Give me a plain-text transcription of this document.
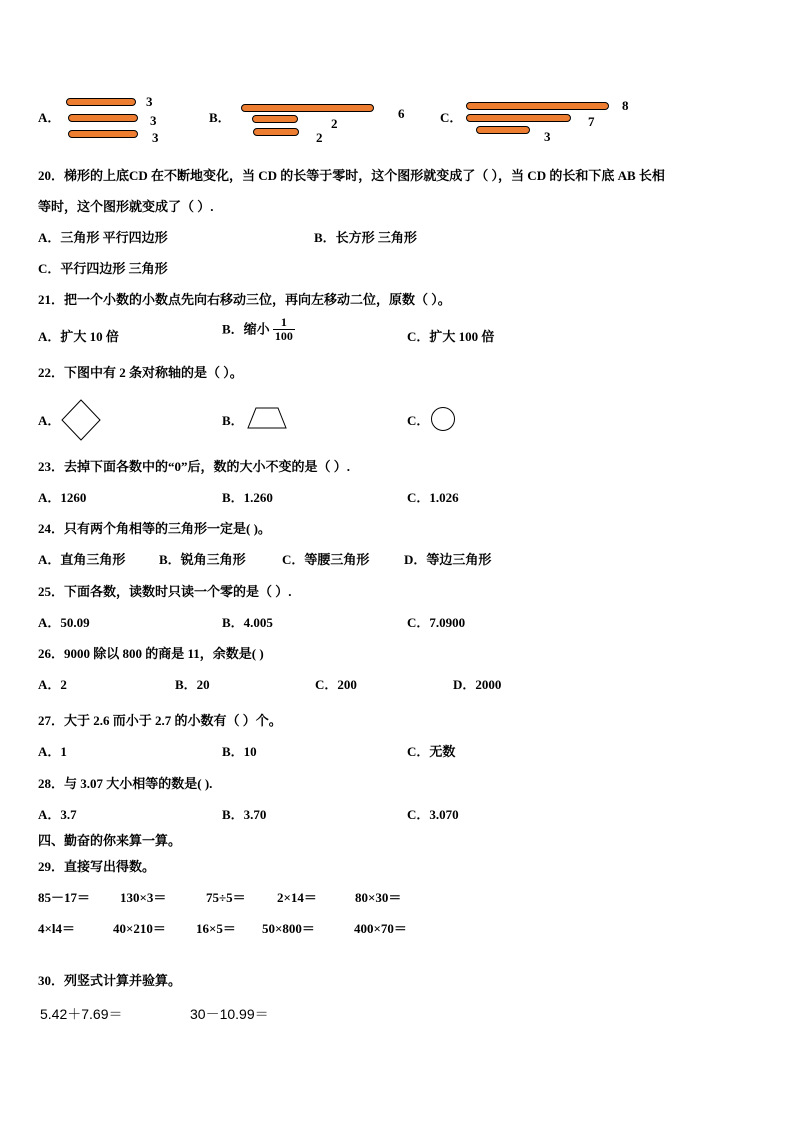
A．
3
3
3
B．	6
2
2
C．
8
7
3
20．梯形的上底CD 在不断地变化，当 CD 的长等于零时，这个图形就变成了（ ），当 CD 的长和下底 AB 长相
等时，这个图形就变成了（ ）.
A．三角形 平行四边形	B．长方形 三角形
C．平行四边形 三角形
21．把一个小数的小数点先向右移动三位，再向左移动二位，原数（ ）。
A．扩大 10 倍	B．缩小 $\frac{1}{100}$	C．扩大 100 倍
22．下图中有 2 条对称轴的是（ ）。
A．	B．	C．
23．去掉下面各数中的“0”后，数的大小不变的是（ ）.
A．1260	B．1.260	C．1.026
24．只有两个角相等的三角形一定是( )。
A．直角三角形	B．锐角三角形	C．等腰三角形	D．等边三角形
25．下面各数，读数时只读一个零的是（ ）.
A．50.09	B．4.005	C．7.0900
26．9000 除以 800 的商是 11，余数是( )
A．2	B．20	C．200	D．2000
27．大于 2.6 而小于 2.7 的小数有（ ）个。
A．1	B．10	C．无数
28．与 3.07 大小相等的数是( ).
A．3.7	B．3.70	C．3.070
四、勤奋的你来算一算。
29．直接写出得数。
85－17＝ 130×3＝	75÷5＝ 2×14＝	80×30＝
4×l4＝	40×210＝ 16×5＝ 50×800＝	400×70＝
30．列竖式计算并验算。
5.42＋7.69＝	30－10.99＝
